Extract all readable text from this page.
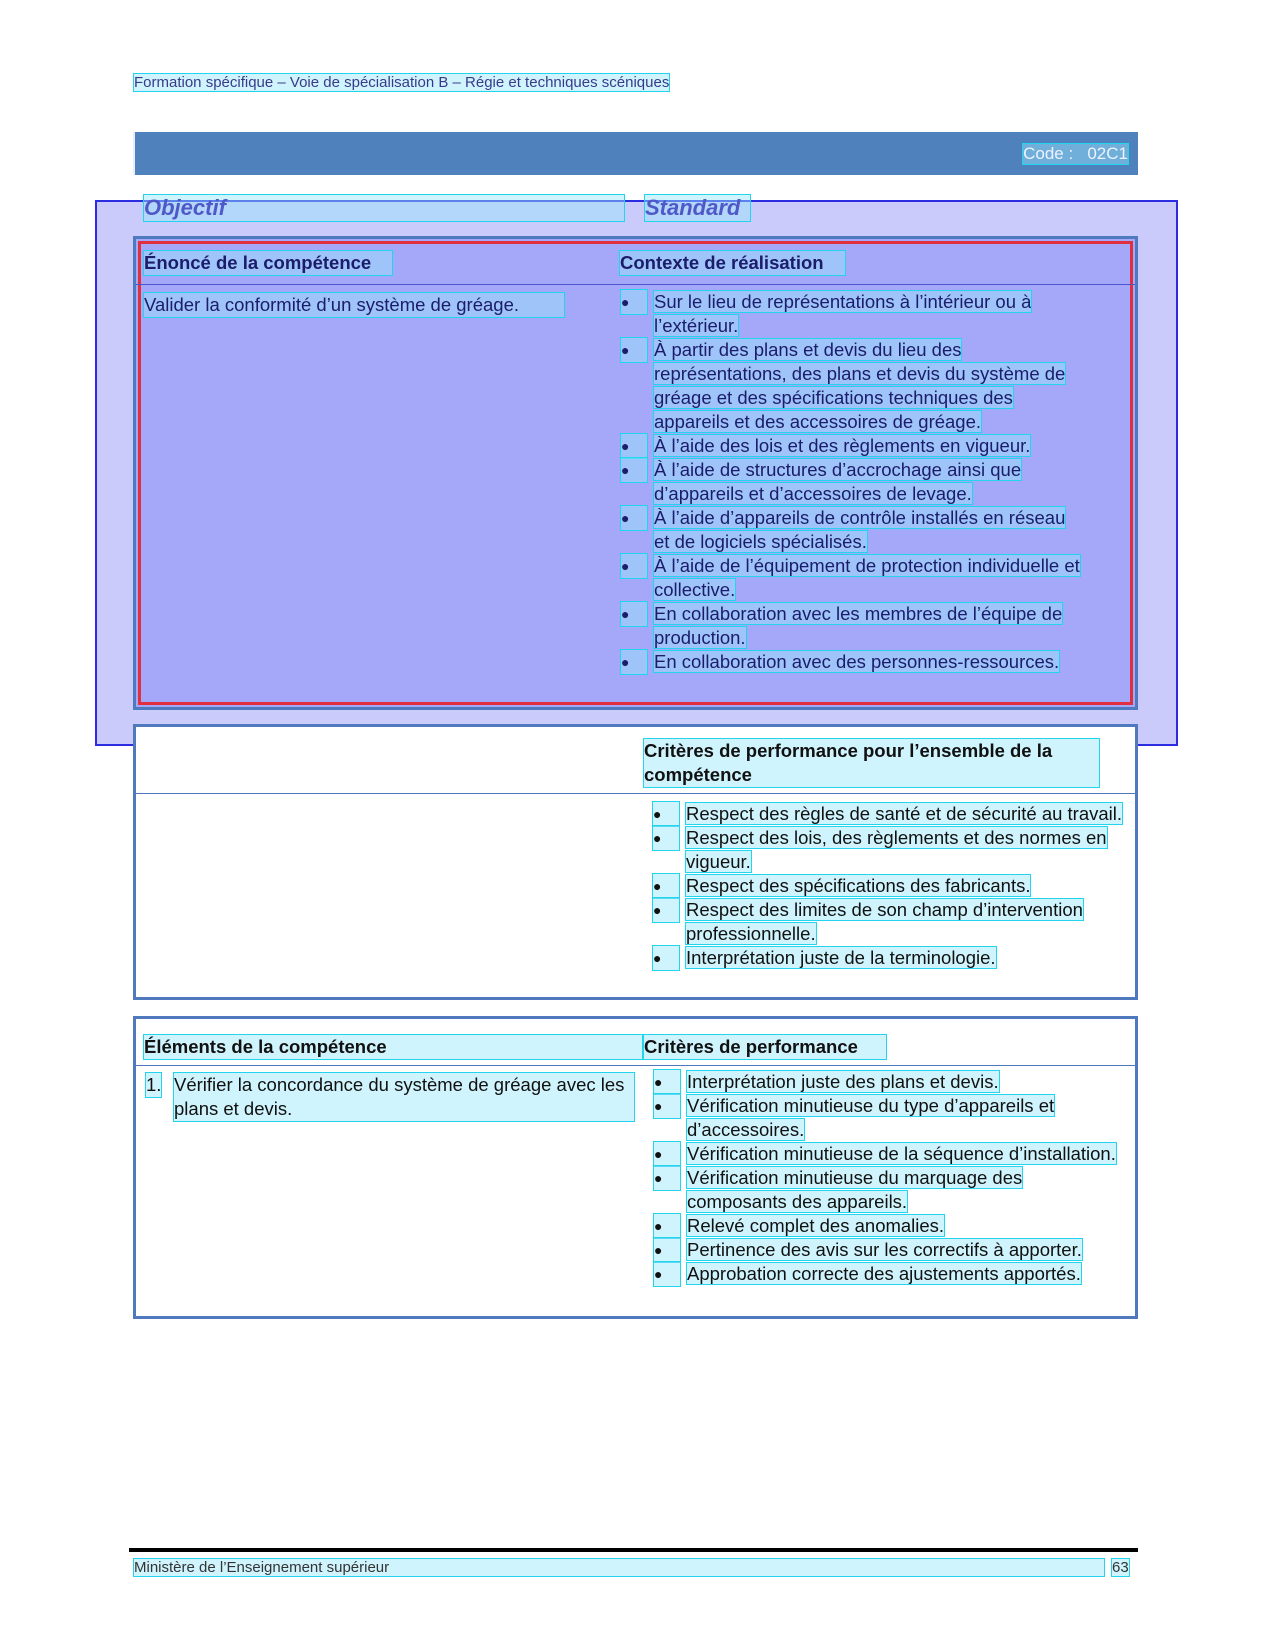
Formation spécifique – Voie de spécialisation B – Régie et techniques scéniques
Code :   02C1
Objectif	Standard
Énoncé de la compétence	Contexte de réalisation
Valider la conformité d’un système de gréage.	●	Sur le lieu de représentations à l’intérieur ou à l’extérieur.
●	À partir des plans et devis du lieu des représentations, des plans et devis du système de gréage et des spécifications techniques des appareils et des accessoires de gréage.
●	À l’aide des lois et des règlements en vigueur.
●	À l’aide de structures d’accrochage ainsi que d’appareils et d’accessoires de levage.
●	À l’aide d’appareils de contrôle installés en réseau et de logiciels spécialisés.
●	À l’aide de l’équipement de protection individuelle et collective.
●	En collaboration avec les membres de l’équipe de production.
●	En collaboration avec des personnes-ressources.
Critères de performance pour l’ensemble de la compétence
●	Respect des règles de santé et de sécurité au travail.
●	Respect des lois, des règlements et des normes en vigueur.
●	Respect des spécifications des fabricants.
●	Respect des limites de son champ d’intervention professionnelle.
●	Interprétation juste de la terminologie.
Éléments de la compétence	Critères de performance
1. Vérifier la concordance du système de gréage avec les plans et devis.
●	Interprétation juste des plans et devis.
●	Vérification minutieuse du type d’appareils et d’accessoires.
●	Vérification minutieuse de la séquence d’installation.
●	Vérification minutieuse du marquage des composants des appareils.
●	Relevé complet des anomalies.
●	Pertinence des avis sur les correctifs à apporter.
●	Approbation correcte des ajustements apportés.
Ministère de l’Enseignement supérieur	63
